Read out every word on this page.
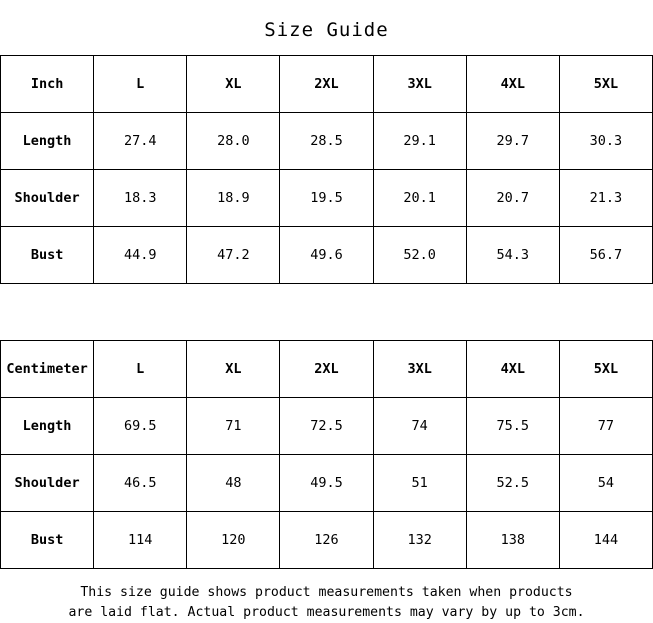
Size Guide
Inch	L	XL	2XL	3XL	4XL	5XL
Length	27.4	28.0	28.5	29.1	29.7	30.3
Shoulder	18.3	18.9	19.5	20.1	20.7	21.3
Bust	44.9	47.2	49.6	52.0	54.3	56.7
Centimeter	L	XL	2XL	3XL	4XL	5XL
Length	69.5	71	72.5	74	75.5	77
Shoulder	46.5	48	49.5	51	52.5	54
Bust	114	120	126	132	138	144
This size guide shows product measurements taken when products
are laid flat. Actual product measurements may vary by up to 3cm.
